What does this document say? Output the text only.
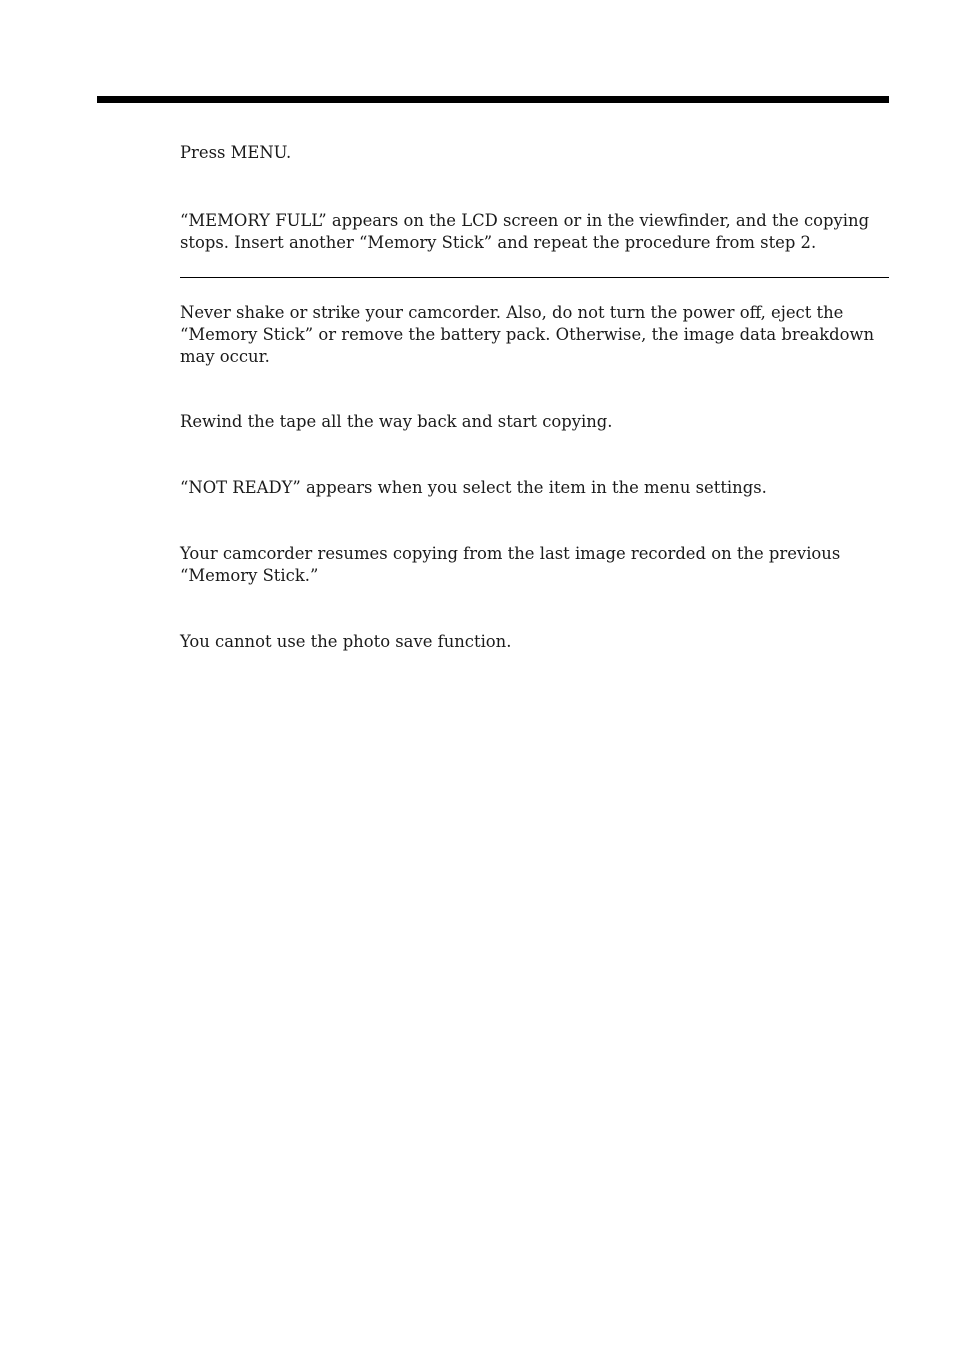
Press MENU.

“MEMORY FULL” appears on the LCD screen or in the viewfinder, and the copying stops. Insert another “Memory Stick” and repeat the procedure from step 2.

Never shake or strike your camcorder. Also, do not turn the power off, eject the “Memory Stick” or remove the battery pack. Otherwise, the image data breakdown may occur.

Rewind the tape all the way back and start copying.

“NOT READY” appears when you select the item in the menu settings.

Your camcorder resumes copying from the last image recorded on the previous “Memory Stick.”

You cannot use the photo save function.
